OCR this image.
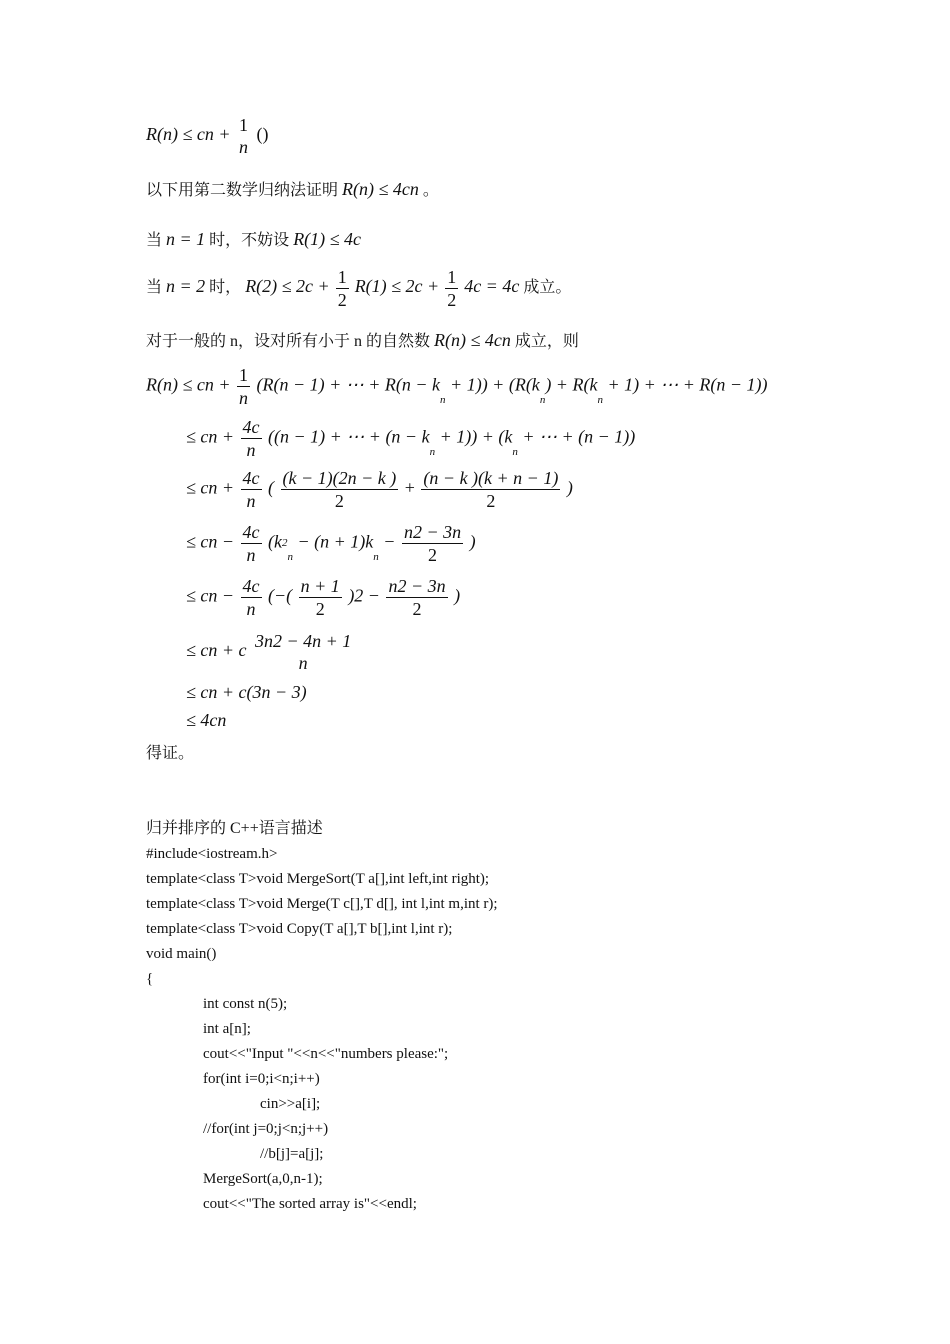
R(n) ≤ cn + 1
n
()
以下用第二数学归纳法证明 R(n) ≤ 4cn 。
当 n = 1 时，不妨设 R(1) ≤ 4c
当 n = 2 时， $R(2) \le 2c + \frac{1}{2} R(1) \le 2c + \frac{1}{2} 4c = 4c$ 成立。
对于一般的 n，设对所有小于 n 的自然数 R(n) ≤ 4cn 成立，则
R(n) ≤ cn + $\frac{1}{n} (R(n - 1)$ + ⋯ + $R(n - k_n + 1)) + (R(k_n) + R(k_n + 1)$ + ⋯ + R(n − 1))
≤ cn + $\frac{4c}{n} ((n - 1)$ + ⋯ + $(n - k_n + 1)) + (k_n$ + ⋯ + (n − 1))
≤ cn + $\frac{4c}{n}$ ( $\frac{(k - 1)(2n - k )}{2} + \frac{(n - k )(k + n - 1)}{2}$ )
≤ cn − $\frac{4c}{n} (k2_n - (n + 1)k_n - \frac{n2 - 3n}{2}$ )
≤ cn − $\frac{4c}{n}$ (−( $\frac{n + 1}{2} )2 - \frac{n2 - 3n}{2}$ )
≤ cn + c 3n2 − 4n + 1
n
≤ cn + c(3n − 3)
≤ 4cn
得证。
归并排序的 C++语言描述
#include<iostream.h>
template<class T>void MergeSort(T a[],int left,int right);
template<class T>void Merge(T c[],T d[], int l,int m,int r);
template<class T>void Copy(T a[],T b[],int l,int r);
void main()
{
int const n(5);
int a[n];
cout<<"Input "<<n<<"numbers please:";
for(int i=0;i<n;i++)
cin>>a[i];
//for(int j=0;j<n;j++)
//b[j]=a[j];
MergeSort(a,0,n-1);
cout<<"The sorted array is"<<endl;
